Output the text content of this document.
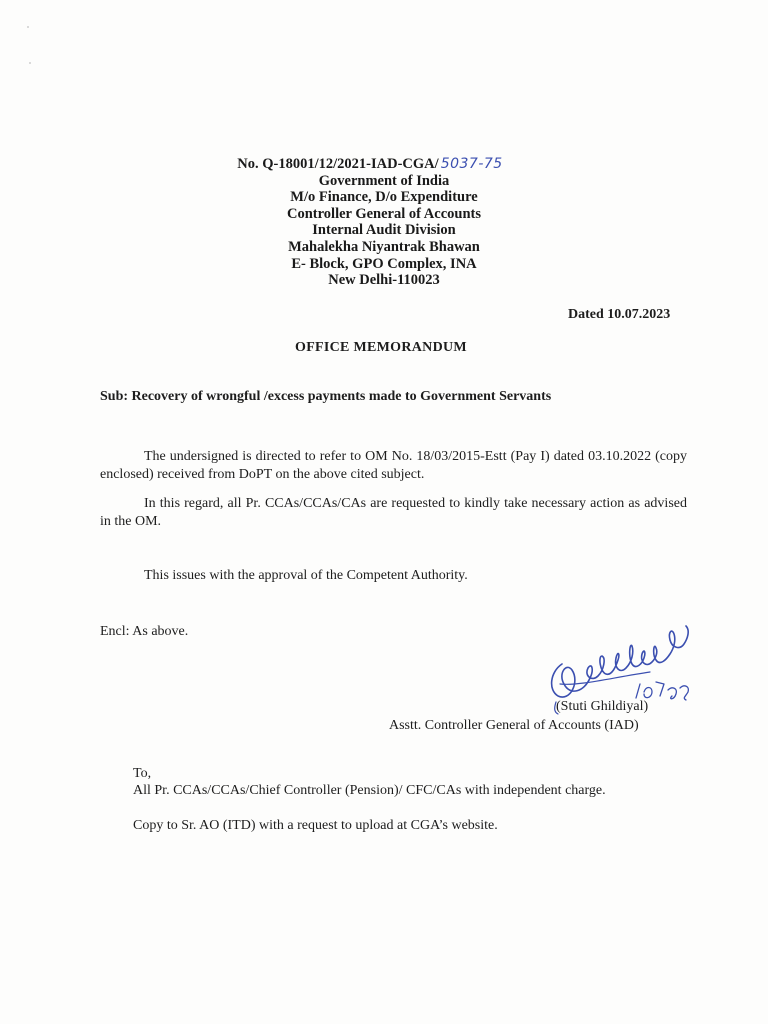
No. Q-18001/12/2021-IAD-CGA/ 5037-75
Government of India
M/o Finance, D/o Expenditure
Controller General of Accounts
Internal Audit Division
Mahalekha Niyantrak Bhawan
E- Block, GPO Complex, INA
New Delhi-110023
Dated 10.07.2023
OFFICE MEMORANDUM
Sub: Recovery of wrongful /excess payments made to Government Servants
The undersigned is directed to refer to OM No. 18/03/2015-Estt (Pay I) dated 03.10.2022 (copy enclosed) received from DoPT on the above cited subject.
In this regard, all Pr. CCAs/CCAs/CAs are requested to kindly take necessary action as advised in the OM.
This issues with the approval of the Competent Authority.
Encl: As above.
(Stuti Ghildiyal)
Asstt. Controller General of Accounts (IAD)
To,
All Pr. CCAs/CCAs/Chief Controller (Pension)/ CFC/CAs with independent charge.
Copy to Sr. AO (ITD) with a request to upload at CGA’s website.
